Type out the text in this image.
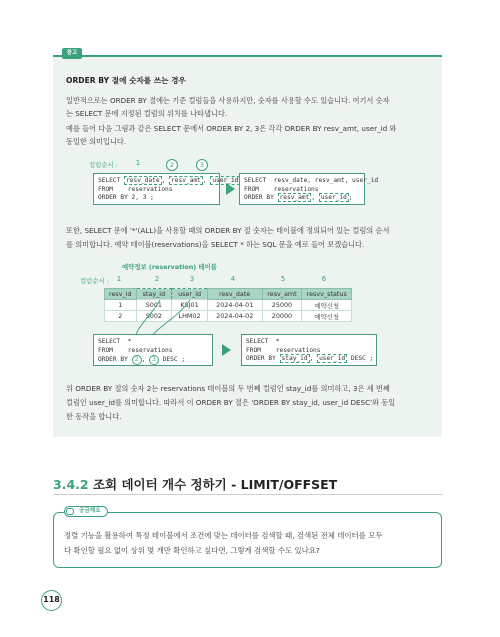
참고
ORDER BY 절에 숫자를 쓰는 경우
일반적으로는 ORDER BY 절에는 기준 컬럼들을 사용하지만, 숫자를 사용할 수도 있습니다. 여기서 숫자
는 SELECT 문에 지정된 컬럼의 위치를 나타냅니다.
예를 들어 다음 그림과 같은 SELECT 문에서 ORDER BY 2, 3은 각각 ORDER BY resv_amt, user_id 와
동일한 의미입니다.
컬럼순서 :	1	2	3
SELECT resv_date , resv_amt , user_id
FROM    reservations
ORDER BY 2, 3 ;
SELECT  resv_date, resv_amt, user_id
FROM    reservations
ORDER BY resv_amt , user_id ;
또한, SELECT 문에 '*'(ALL)을 사용할 때의 ORDER BY 절 숫자는 테이블에 정의되어 있는 컬럼의 순서
를 의미합니다. 예약 테이블(reservations)을 SELECT * 하는 SQL 문을 예로 들어 보겠습니다.
예약정보 (reservation) 테이블
컬럼순서 :	1	2	3	4	5	6
resv_id	stay_id	user_id	resv_date	resv_amt	resvv_status
1	S001	KSJ01	2024-04-01	25000	예약신청
2	S002	LHM02	2024-04-02	20000	예약신청
SELECT  *
FROM    reservations
ORDER BY 2 , 3 DESC ;
SELECT  *
FROM    reservations
ORDER BY stay_id , user_id DESC ;
위 ORDER BY 절의 숫자 2는 reservations 테이블의 두 번째 컬럼인 stay_id를 의미하고, 3은 세 번째
컬럼인 user_id를 의미합니다. 따라서 이 ORDER BY 절은 'ORDER BY stay_id, user_id DESC'와 동일
한 동작을 합니다.
3.4.2 조회 데이터 개수 정하기 - LIMIT/OFFSET
궁금해요
정렬 기능을 활용하여 특정 테이블에서 조건에 맞는 데이터를 검색할 때, 검색된 전체 데이터를 모두
다 확인할 필요 없이 상위 몇 개만 확인하고 싶다면, 그렇게 검색할 수도 있나요?
118
